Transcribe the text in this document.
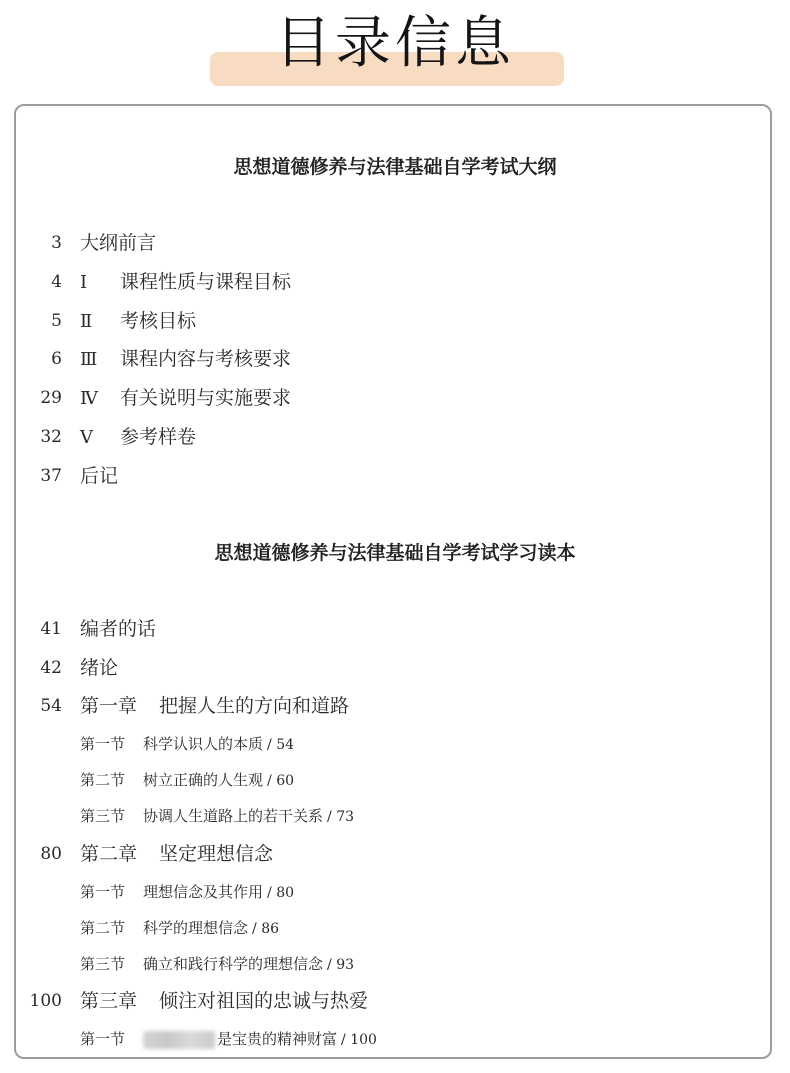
目录信息
思想道德修养与法律基础自学考试大纲
3 大纲前言
4 Ⅰ 课程性质与课程目标
5 Ⅱ 考核目标
6 Ⅲ 课程内容与考核要求
29 Ⅳ 有关说明与实施要求
32 Ⅴ 参考样卷
37 后记
思想道德修养与法律基础自学考试学习读本
41 编者的话
42 绪论
54 第一章 把握人生的方向和道路
第一节 科学认识人的本质 / 54
第二节 树立正确的人生观 / 60
第三节 协调人生道路上的若干关系 / 73
80 第二章 坚定理想信念
第一节 理想信念及其作用 / 80
第二节 科学的理想信念 / 86
第三节 确立和践行科学的理想信念 / 93
100 第三章 倾注对祖国的忠诚与热爱
第一节	是宝贵的精神财富 / 100
